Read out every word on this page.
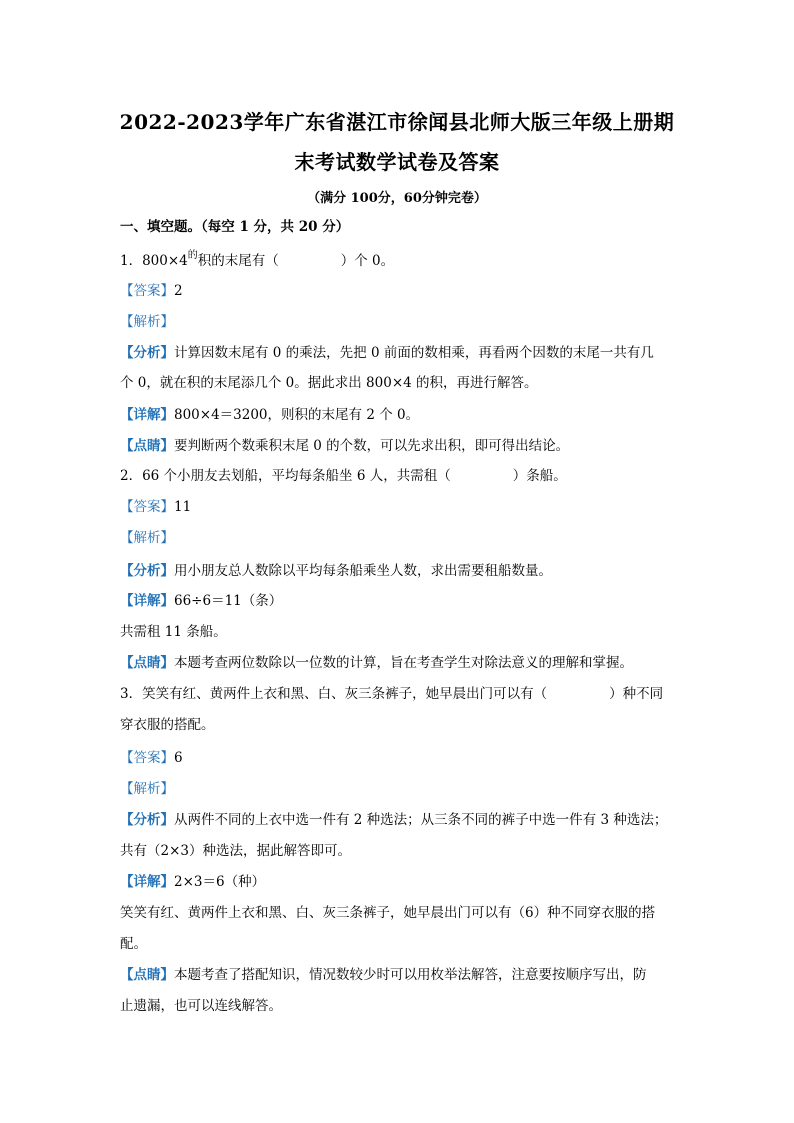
2022-2023学年广东省湛江市徐闻县北师大版三年级上册期
末考试数学试卷及答案
（满分 100分，60分钟完卷）
一、填空题。（每空 1 分，共 20 分）
1．$800\times 4^的$积的末尾有（	）个 0。
【答案】2
【解析】
【分析】计算因数末尾有 0 的乘法，先把 0 前面的数相乘，再看两个因数的末尾一共有几
个 0，就在积的末尾添几个 0。据此求出 800×4 的积，再进行解答。
【详解】800×4＝3200，则积的末尾有 2 个 0。
【点睛】要判断两个数乘积末尾 0 的个数，可以先求出积，即可得出结论。
2．66 个小朋友去划船，平均每条船坐 6 人，共需租（	）条船。
【答案】11
【解析】
【分析】用小朋友总人数除以平均每条船乘坐人数，求出需要租船数量。
【详解】66÷6＝11（条）
共需租 11 条船。
【点睛】本题考查两位数除以一位数的计算，旨在考查学生对除法意义的理解和掌握。
3．笑笑有红、黄两件上衣和黑、白、灰三条裤子，她早晨出门可以有（	）种不同
穿衣服的搭配。
【答案】6
【解析】
【分析】从两件不同的上衣中选一件有 2 种选法；从三条不同的裤子中选一件有 3 种选法；
共有（2×3）种选法，据此解答即可。
【详解】2×3＝6（种）
笑笑有红、黄两件上衣和黑、白、灰三条裤子，她早晨出门可以有（6）种不同穿衣服的搭
配。
【点睛】本题考查了搭配知识，情况数较少时可以用枚举法解答，注意要按顺序写出，防
止遗漏，也可以连线解答。
